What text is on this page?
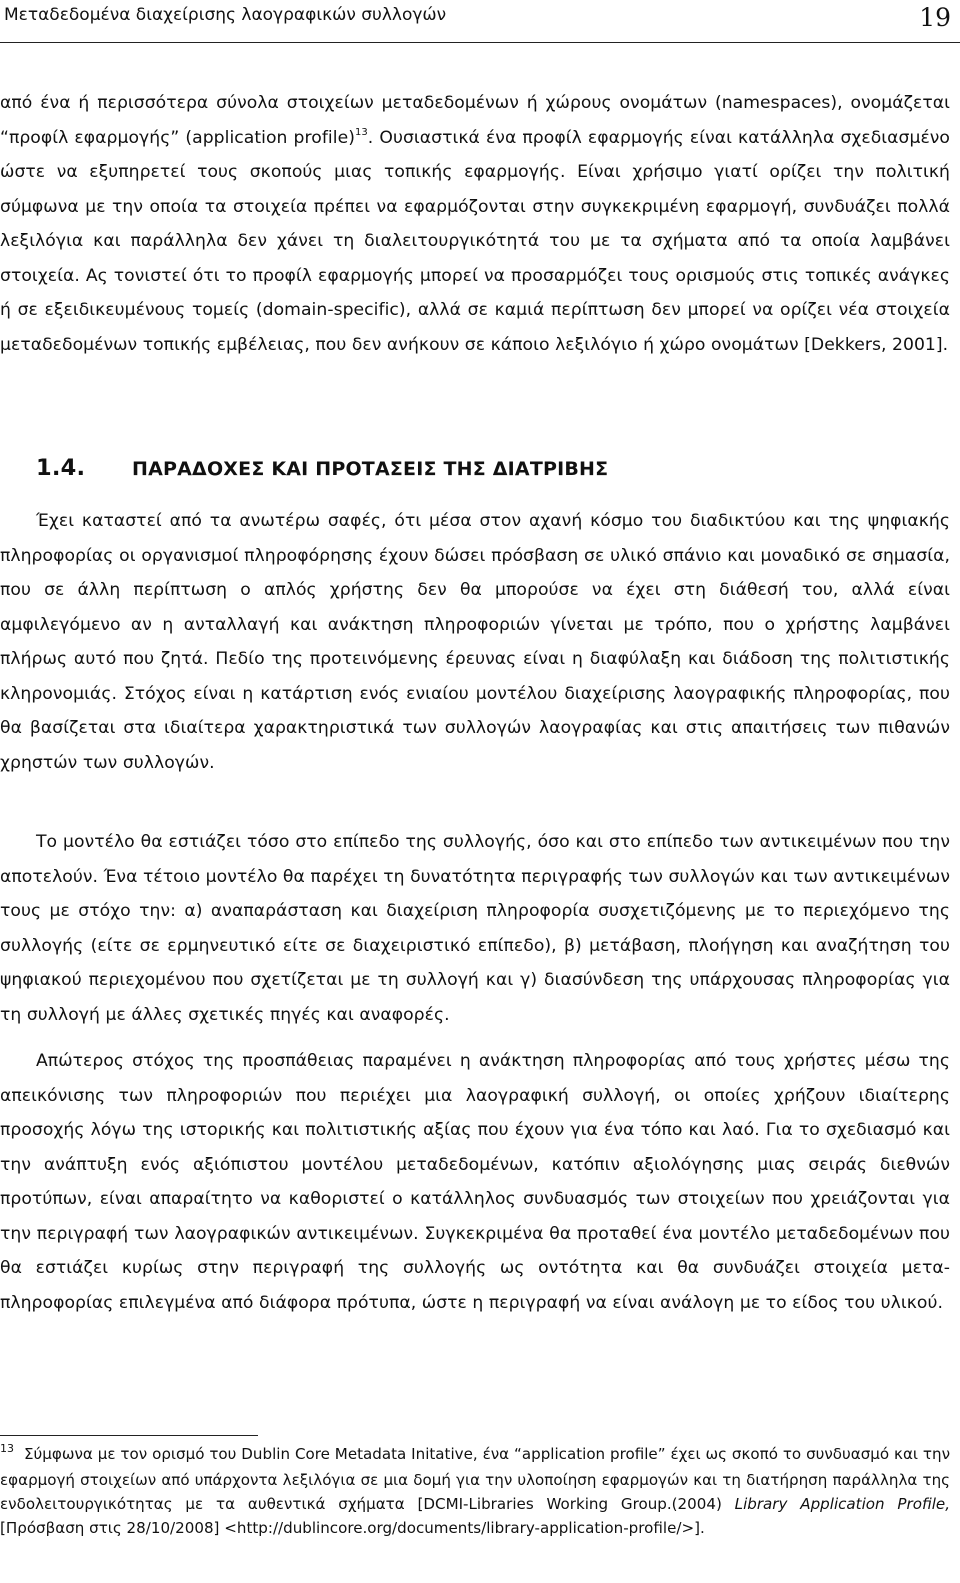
Μεταδεδομένα διαχείρισης λαογραφικών συλλογών	19

από ένα ή περισσότερα σύνολα στοιχείων μεταδεδομένων ή χώρους ονομάτων (namespaces), ονομάζεται “προφίλ εφαρμογής” (application profile)$^{13}$. Ουσιαστικά ένα προφίλ εφαρμογής είναι κατάλληλα σχεδιασμένο ώστε να εξυπηρετεί τους σκοπούς μιας τοπικής εφαρμογής. Είναι χρήσιμο γιατί ορίζει την πολιτική σύμφωνα με την οποία τα στοιχεία πρέπει να εφαρμόζονται στην συγκεκριμένη εφαρμογή, συνδυάζει πολλά λεξιλόγια και παράλληλα δεν χάνει τη διαλειτουργικότητά του με τα σχήματα από τα οποία λαμβάνει στοιχεία. Ας τονιστεί ότι το προφίλ εφαρμογής μπορεί να προσαρμόζει τους ορισμούς στις τοπικές ανάγκες ή σε εξειδικευμένους τομείς (domain-specific), αλλά σε καμιά περίπτωση δεν μπορεί να ορίζει νέα στοιχεία μεταδεδομένων τοπικής εμβέλειας, που δεν ανήκουν σε κάποιο λεξιλόγιο ή χώρο ονομάτων [Dekkers, 2001].

1.4. ΠΑΡΑΔΟΧΕΣ ΚΑΙ ΠΡΟΤΑΣΕΙΣ ΤΗΣ ΔΙΑΤΡΙΒΗΣ

Έχει καταστεί από τα ανωτέρω σαφές, ότι μέσα στον αχανή κόσμο του διαδικτύου και της ψηφιακής πληροφορίας οι οργανισμοί πληροφόρησης έχουν δώσει πρόσβαση σε υλικό σπάνιο και μοναδικό σε σημασία, που σε άλλη περίπτωση ο απλός χρήστης δεν θα μπορούσε να έχει στη διάθεσή του, αλλά είναι αμφιλεγόμενο αν η ανταλλαγή και ανάκτηση πληροφοριών γίνεται με τρόπο, που ο χρήστης λαμβάνει πλήρως αυτό που ζητά. Πεδίο της προτεινόμενης έρευνας είναι η διαφύλαξη και διάδοση της πολιτιστικής κληρονομιάς. Στόχος είναι η κατάρτιση ενός ενιαίου μοντέλου διαχείρισης λαογραφικής πληροφορίας, που θα βασίζεται στα ιδιαίτερα χαρακτηριστικά των συλλογών λαογραφίας και στις απαιτήσεις των πιθανών χρηστών των συλλογών.

Το μοντέλο θα εστιάζει τόσο στο επίπεδο της συλλογής, όσο και στο επίπεδο των αντικειμένων που την αποτελούν. Ένα τέτοιο μοντέλο θα παρέχει τη δυνατότητα περιγραφής των συλλογών και των αντικειμένων τους με στόχο την: α) αναπαράσταση και διαχείριση πληροφορία συσχετιζόμενης με το περιεχόμενο της συλλογής (είτε σε ερμηνευτικό είτε σε διαχειριστικό επίπεδο), β) μετάβαση, πλοήγηση και αναζήτηση του ψηφιακού περιεχομένου που σχετίζεται με τη συλλογή και γ) διασύνδεση της υπάρχουσας πληροφορίας για τη συλλογή με άλλες σχετικές πηγές και αναφορές.

Απώτερος στόχος της προσπάθειας παραμένει η ανάκτηση πληροφορίας από τους χρήστες μέσω της απεικόνισης των πληροφοριών που περιέχει μια λαογραφική συλλογή, οι οποίες χρήζουν ιδιαίτερης προσοχής λόγω της ιστορικής και πολιτιστικής αξίας που έχουν για ένα τόπο και λαό. Για το σχεδιασμό και την ανάπτυξη ενός αξιόπιστου μοντέλου μεταδεδομένων, κατόπιν αξιολόγησης μιας σειράς διεθνών προτύπων, είναι απαραίτητο να καθοριστεί ο κατάλληλος συνδυασμός των στοιχείων που χρειάζονται για την περιγραφή των λαογραφικών αντικειμένων. Συγκεκριμένα θα προταθεί ένα μοντέλο μεταδεδομένων που θα εστιάζει κυρίως στην περιγραφή της συλλογής ως οντότητα και θα συνδυάζει στοιχεία μετα-πληροφορίας επιλεγμένα από διάφορα πρότυπα, ώστε η περιγραφή να είναι ανάλογη με το είδος του υλικού.

$^{13}$ Σύμφωνα με τον ορισμό του Dublin Core Metadata Initative, ένα “application profile” έχει ως σκοπό το συνδυασμό και την εφαρμογή στοιχείων από υπάρχοντα λεξιλόγια σε μια δομή για την υλοποίηση εφαρμογών και τη διατήρηση παράλληλα της ενδολειτουργικότητας με τα αυθεντικά σχήματα [DCMI-Libraries Working Group.(2004) Library Application Profile, [Πρόσβαση στις 28/10/2008] <http://dublincore.org/documents/library-application-profile/>].
